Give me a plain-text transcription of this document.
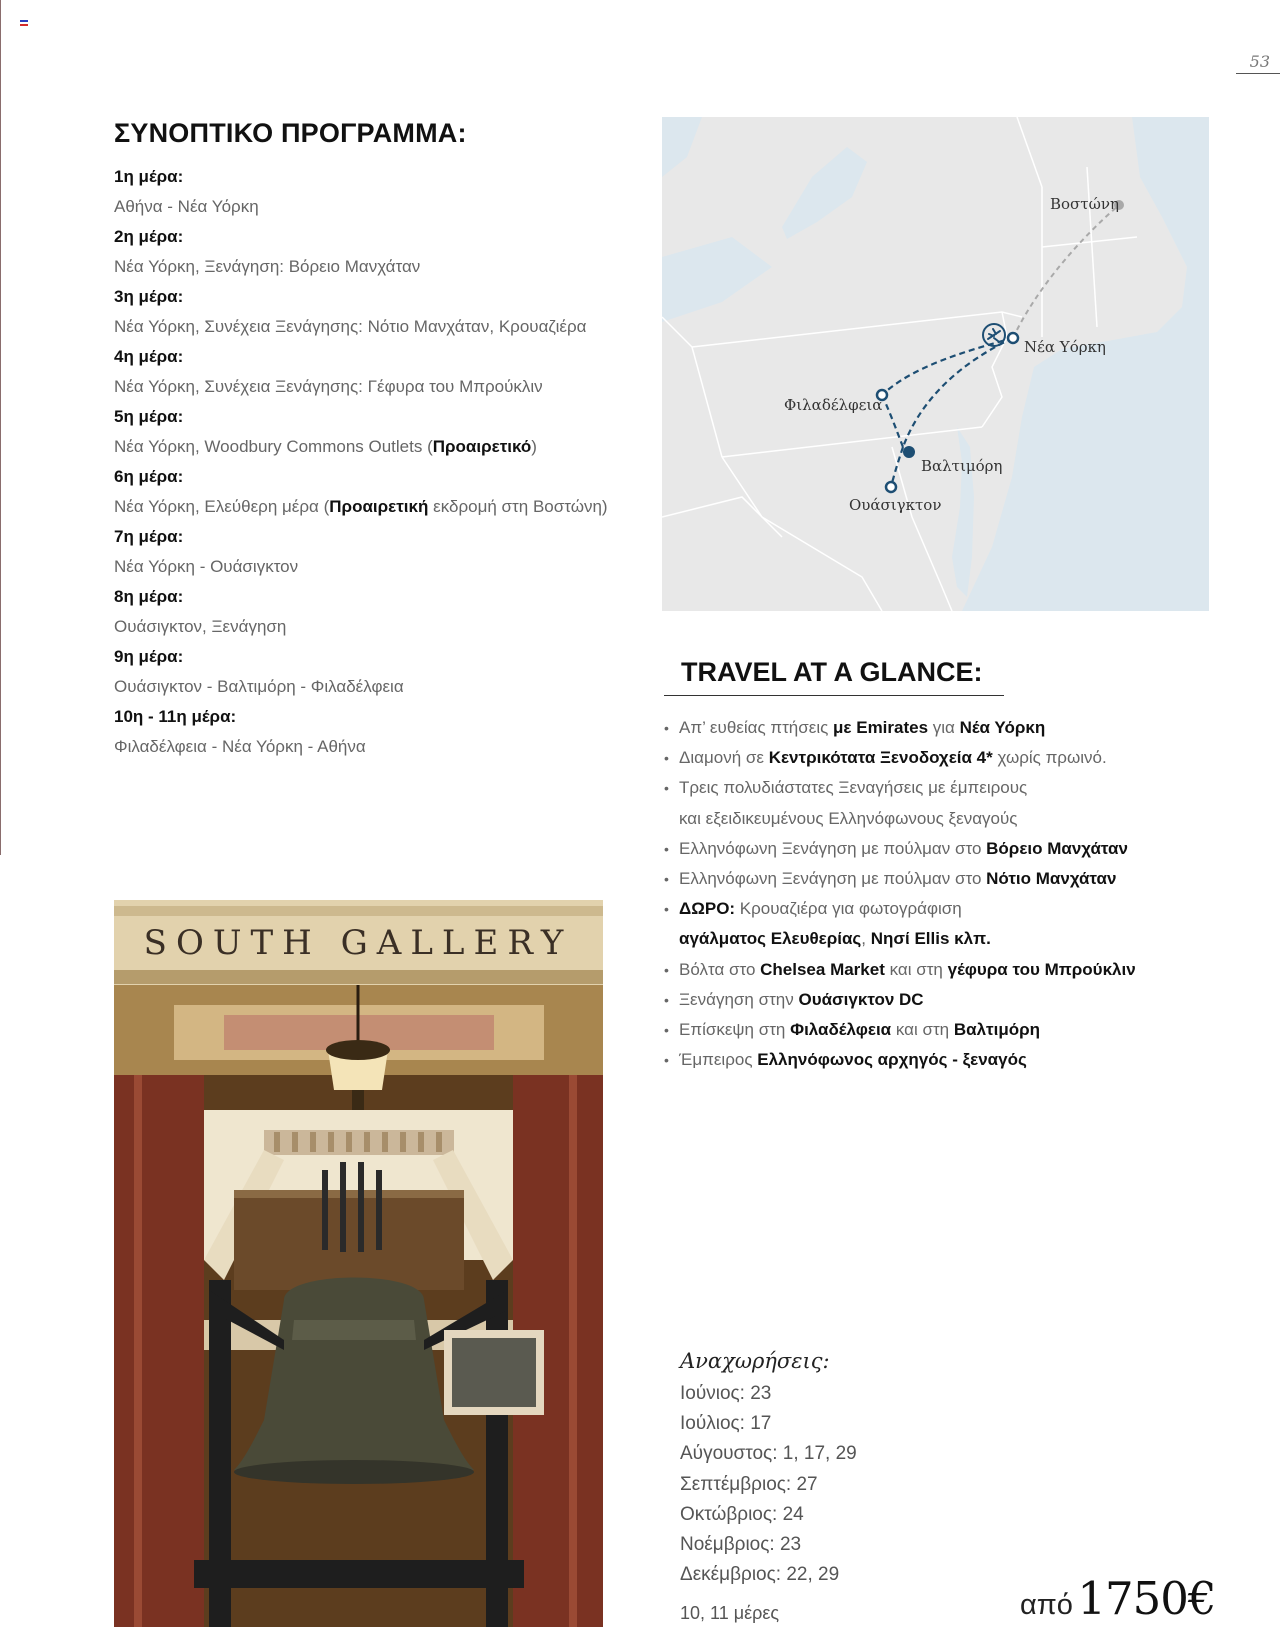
53
ΣΥΝΟΠΤΙΚΟ ΠΡΟΓΡΑΜΜΑ:
1η μέρα:
Αθήνα - Νέα Υόρκη
2η μέρα:
Νέα Υόρκη, Ξενάγηση: Βόρειο Μανχάταν
3η μέρα:
Νέα Υόρκη, Συνέχεια Ξενάγησης: Νότιο Μανχάταν, Κρουαζιέρα
4η μέρα:
Νέα Υόρκη, Συνέχεια Ξενάγησης: Γέφυρα του Μπρούκλιν
5η μέρα:
Νέα Υόρκη, Woodbury Commons Outlets (Προαιρετικό)
6η μέρα:
Νέα Υόρκη, Ελεύθερη μέρα (Προαιρετική εκδρομή στη Βοστώνη)
7η μέρα:
Νέα Υόρκη - Ουάσιγκτον
8η μέρα:
Ουάσιγκτον, Ξενάγηση
9η μέρα:
Ουάσιγκτον - Βαλτιμόρη - Φιλαδέλφεια
10η - 11η μέρα:
Φιλαδέλφεια - Νέα Υόρκη - Αθήνα
Βοστώνη
Νέα Υόρκη
Φιλαδέλφεια
Βαλτιμόρη
Ουάσιγκτον
TRAVEL AT A GLANCE:
• Απ’ ευθείας πτήσεις με Emirates για Νέα Υόρκη
• Διαμονή σε Κεντρικότατα Ξενοδοχεία 4* χωρίς πρωινό.
• Τρεις πολυδιάστατες Ξεναγήσεις με έμπειρους
και εξειδικευμένους Ελληνόφωνους ξεναγούς
• Ελληνόφωνη Ξενάγηση με πούλμαν στο Βόρειο Μανχάταν
• Ελληνόφωνη Ξενάγηση με πούλμαν στο Νότιο Μανχάταν
• ΔΩΡΟ: Κρουαζιέρα για φωτογράφιση
αγάλματος Ελευθερίας, Νησί Ellis κλπ.
• Βόλτα στο Chelsea Market και στη γέφυρα του Μπρούκλιν
• Ξενάγηση στην Ουάσιγκτον DC
• Επίσκεψη στη Φιλαδέλφεια και στη Βαλτιμόρη
• Έμπειρος Ελληνόφωνος αρχηγός - ξεναγός
SOUTH GALLERY
Αναχωρήσεις:
Ιούνιος: 23
Ιούλιος: 17
Αύγουστος: 1, 17, 29
Σεπτέμβριος: 27
Οκτώβριος: 24
Νοέμβριος: 23
Δεκέμβριος: 22, 29
10, 11 μέρες	από 1750€
